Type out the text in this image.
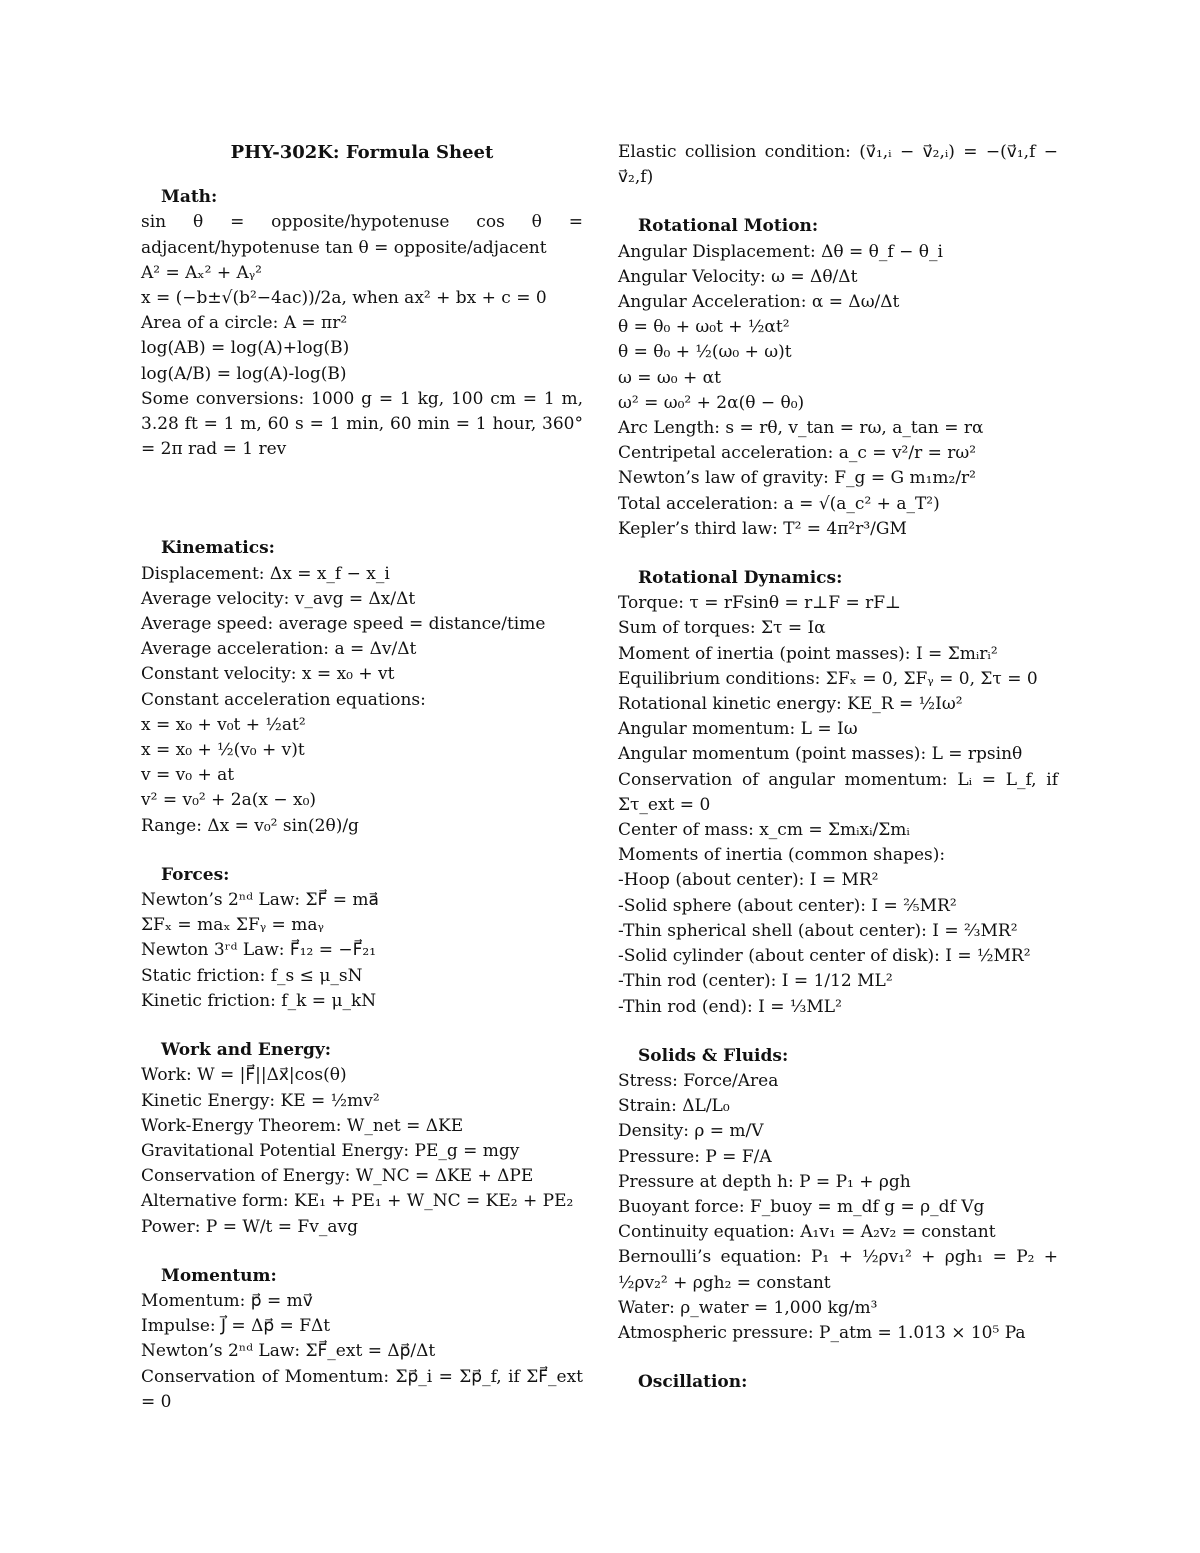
PHY-302K: Formula Sheet
Math:
sin θ = opposite/hypotenuse cos θ = adjacent/hypotenuse tan θ = opposite/adjacent
A² = Aₓ² + Aᵧ²
x = (−b±√(b²−4ac))/2a, when ax² + bx + c = 0
Area of a circle: A = πr²
log(AB) = log(A)+log(B)
log(A/B) = log(A)-log(B)
Some conversions: 1000 g = 1 kg, 100 cm = 1 m, 3.28 ft = 1 m, 60 s = 1 min, 60 min = 1 hour, 360° = 2π rad = 1 rev
Kinematics:
Displacement: Δx = x_f − x_i
Average velocity: v_avg = Δx/Δt
Average speed: average speed = distance/time
Average acceleration: a = Δv/Δt
Constant velocity: x = x₀ + vt
Constant acceleration equations:
x = x₀ + v₀t + ½at²
x = x₀ + ½(v₀ + v)t
v = v₀ + at
v² = v₀² + 2a(x − x₀)
Range: Δx = v₀² sin(2θ)/g
Forces:
Newton’s 2ⁿᵈ Law: ΣF⃗ = ma⃗
ΣFₓ = maₓ ΣFᵧ = maᵧ
Newton 3ʳᵈ Law: F⃗₁₂ = −F⃗₂₁
Static friction: f_s ≤ μ_sN
Kinetic friction: f_k = μ_kN
Work and Energy:
Work: W = |F⃗||Δx⃗|cos(θ)
Kinetic Energy: KE = ½mv²
Work-Energy Theorem: W_net = ΔKE
Gravitational Potential Energy: PE_g = mgy
Conservation of Energy: W_NC = ΔKE + ΔPE
Alternative form: KE₁ + PE₁ + W_NC = KE₂ + PE₂
Power: P = W/t = Fv_avg
Momentum:
Momentum: p⃗ = mv⃗
Impulse: J⃗ = Δp⃗ = FΔt
Newton’s 2ⁿᵈ Law: ΣF⃗_ext = Δp⃗/Δt
Conservation of Momentum: Σp⃗_i = Σp⃗_f, if ΣF⃗_ext = 0
Elastic collision condition: (v⃗₁,ᵢ − v⃗₂,ᵢ) = −(v⃗₁,f − v⃗₂,f)
Rotational Motion:
Angular Displacement: Δθ = θ_f − θ_i
Angular Velocity: ω = Δθ/Δt
Angular Acceleration: α = Δω/Δt
θ = θ₀ + ω₀t + ½αt²
θ = θ₀ + ½(ω₀ + ω)t
ω = ω₀ + αt
ω² = ω₀² + 2α(θ − θ₀)
Arc Length: s = rθ, v_tan = rω, a_tan = rα
Centripetal acceleration: a_c = v²/r = rω²
Newton’s law of gravity: F_g = G m₁m₂/r²
Total acceleration: a = √(a_c² + a_T²)
Kepler’s third law: T² = 4π²r³/GM
Rotational Dynamics:
Torque: τ = rFsinθ = r⊥F = rF⊥
Sum of torques: Στ = Iα
Moment of inertia (point masses): I = Σmᵢrᵢ²
Equilibrium conditions: ΣFₓ = 0, ΣFᵧ = 0, Στ = 0
Rotational kinetic energy: KE_R = ½Iω²
Angular momentum: L = Iω
Angular momentum (point masses): L = rpsinθ
Conservation of angular momentum: Lᵢ = L_f, if Στ_ext = 0
Center of mass: x_cm = Σmᵢxᵢ/Σmᵢ
Moments of inertia (common shapes):
-Hoop (about center): I = MR²
-Solid sphere (about center): I = ⅖MR²
-Thin spherical shell (about center): I = ⅔MR²
-Solid cylinder (about center of disk): I = ½MR²
-Thin rod (center): I = 1/12 ML²
-Thin rod (end): I = ⅓ML²
Solids & Fluids:
Stress: Force/Area
Strain: ΔL/L₀
Density: ρ = m/V
Pressure: P = F/A
Pressure at depth h: P = P₁ + ρgh
Buoyant force: F_buoy = m_df g = ρ_df Vg
Continuity equation: A₁v₁ = A₂v₂ = constant
Bernoulli’s equation: P₁ + ½ρv₁² + ρgh₁ = P₂ + ½ρv₂² + ρgh₂ = constant
Water: ρ_water = 1,000 kg/m³
Atmospheric pressure: P_atm = 1.013 × 10⁵ Pa
Oscillation:
